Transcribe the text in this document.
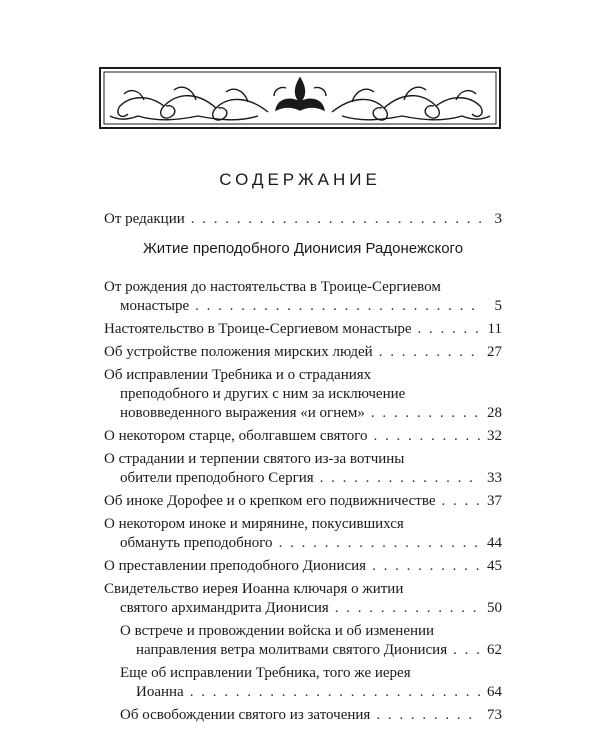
СОДЕРЖАНИЕ
От редакции . . .	3
Житие преподобного Дионисия Радонежского
От рождения до настоятельства в Троице-Сергиевом
монастыре . . .	5
Настоятельство в Троице-Сергиевом монастыре . . .	11
Об устройстве положения мирских людей . . .	27
Об исправлении Требника и о страданиях
преподобного и других с ним за исключение
нововведенного выражения «и огнем» . . .	28
О некотором старце, оболгавшем святого . . .	32
О страдании и терпении святого из-за вотчины
обители преподобного Сергия . . .	33
Об иноке Дорофее и о крепком его подвижничестве . . .	37
О некотором иноке и мирянине, покусившихся
обмануть преподобного . . .	44
О преставлении преподобного Дионисия . . .	45
Свидетельство иерея Иоанна ключаря о житии
святого архимандрита Дионисия . . .	50
О встрече и провождении войска и об изменении
направления ветра молитвами святого Дионисия . . .	62
Еще об исправлении Требника, того же иерея
Иоанна . . .	64
Об освобождении святого из заточения . . .	73
